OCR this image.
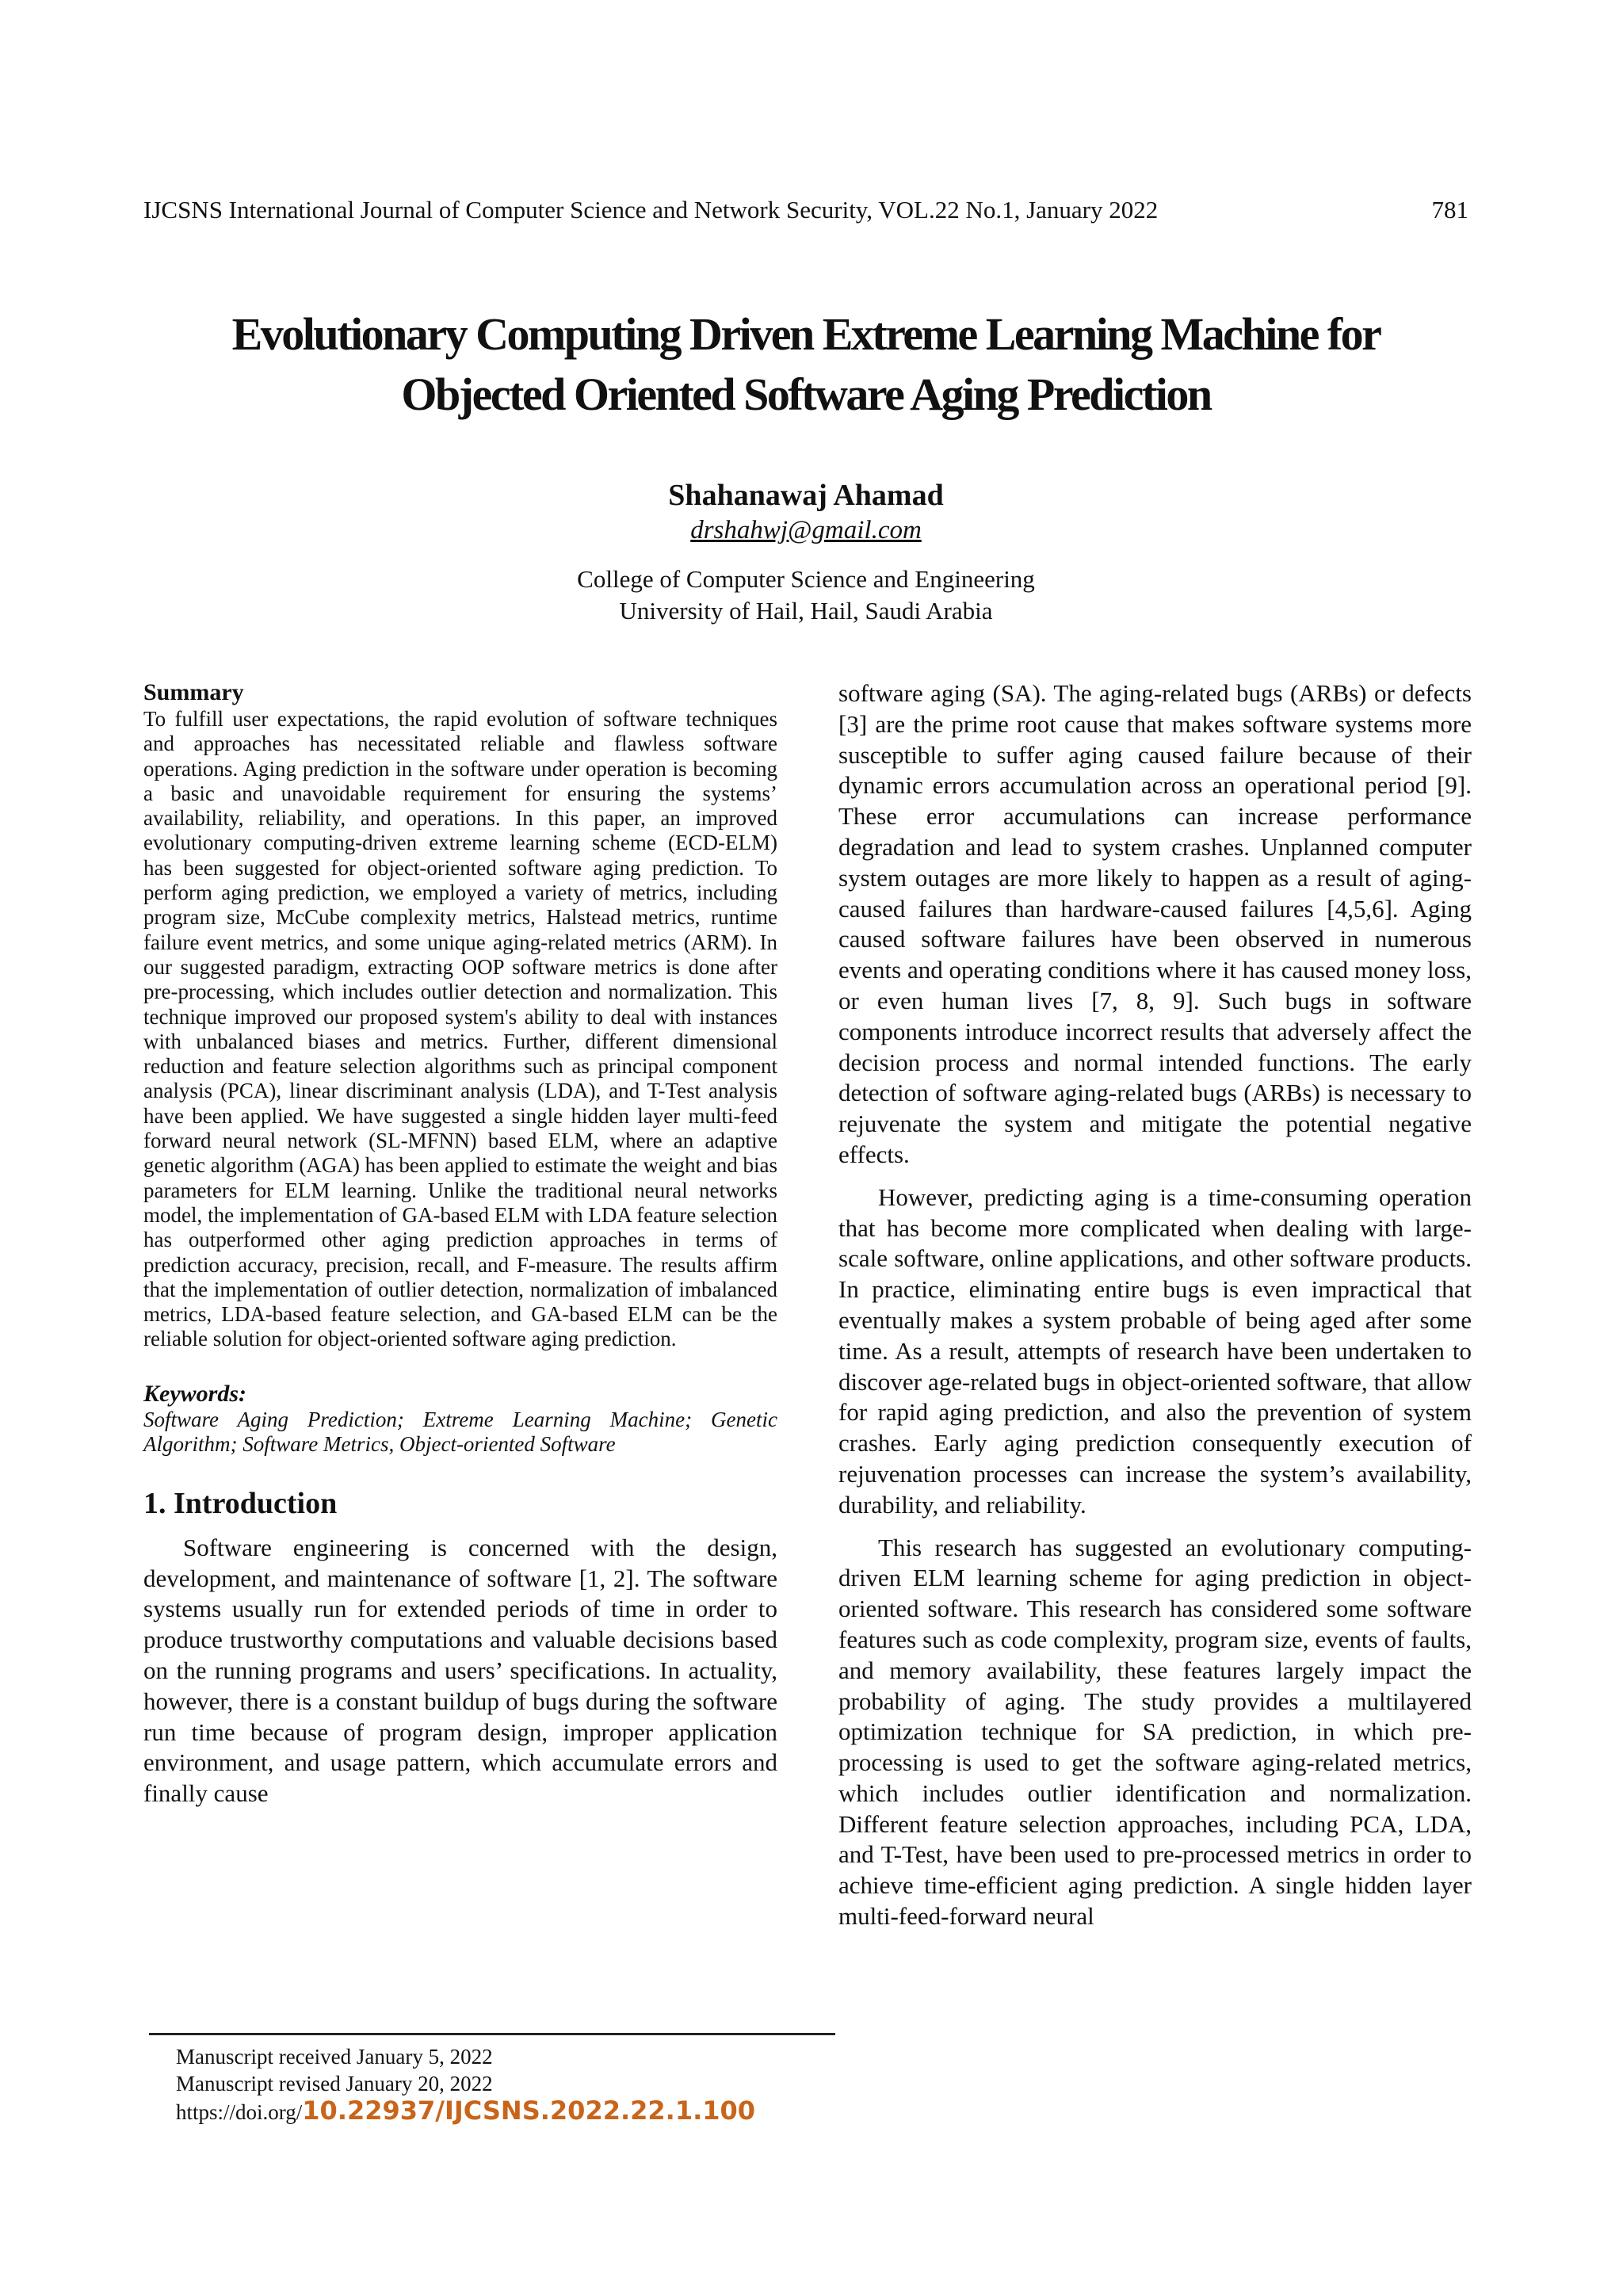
IJCSNS International Journal of Computer Science and Network Security, VOL.22 No.1, January 2022	781
Evolutionary Computing Driven Extreme Learning Machine for
Objected Oriented Software Aging Prediction
Shahanawaj Ahamad
drshahwj@gmail.com
College of Computer Science and Engineering
University of Hail, Hail, Saudi Arabia
Summary

To fulfill user expectations, the rapid evolution of software techniques and approaches has necessitated reliable and flawless software operations. Aging prediction in the software under operation is becoming a basic and unavoidable requirement for ensuring the systems’ availability, reliability, and operations. In this paper, an improved evolutionary computing-driven extreme learning scheme (ECD-ELM) has been suggested for object-oriented software aging prediction. To perform aging prediction, we employed a variety of metrics, including program size, McCube complexity metrics, Halstead metrics, runtime failure event metrics, and some unique aging-related metrics (ARM). In our suggested paradigm, extracting OOP software metrics is done after pre-processing, which includes outlier detection and normalization. This technique improved our proposed system's ability to deal with instances with unbalanced biases and metrics. Further, different dimensional reduction and feature selection algorithms such as principal component analysis (PCA), linear discriminant analysis (LDA), and T-Test analysis have been applied. We have suggested a single hidden layer multi-feed forward neural network (SL-MFNN) based ELM, where an adaptive genetic algorithm (AGA) has been applied to estimate the weight and bias parameters for ELM learning. Unlike the traditional neural networks model, the implementation of GA-based ELM with LDA feature selection has outperformed other aging prediction approaches in terms of prediction accuracy, precision, recall, and F-measure. The results affirm that the implementation of outlier detection, normalization of imbalanced metrics, LDA-based feature selection, and GA-based ELM can be the reliable solution for object-oriented software aging prediction.

Keywords:

Software Aging Prediction; Extreme Learning Machine; Genetic Algorithm; Software Metrics, Object-oriented Software

1. Introduction

Software engineering is concerned with the design, development, and maintenance of software [1, 2]. The software systems usually run for extended periods of time in order to produce trustworthy computations and valuable decisions based on the running programs and users’ specifications. In actuality, however, there is a constant buildup of bugs during the software run time because of program design, improper application environment, and usage pattern, which accumulate errors and finally cause

software aging (SA). The aging-related bugs (ARBs) or defects [3] are the prime root cause that makes software systems more susceptible to suffer aging caused failure because of their dynamic errors accumulation across an operational period [9]. These error accumulations can increase performance degradation and lead to system crashes. Unplanned computer system outages are more likely to happen as a result of aging-caused failures than hardware-caused failures [4,5,6]. Aging caused software failures have been observed in numerous events and operating conditions where it has caused money loss, or even human lives [7, 8, 9]. Such bugs in software components introduce incorrect results that adversely affect the decision process and normal intended functions. The early detection of software aging-related bugs (ARBs) is necessary to rejuvenate the system and mitigate the potential negative effects.

However, predicting aging is a time-consuming operation that has become more complicated when dealing with large-scale software, online applications, and other software products. In practice, eliminating entire bugs is even impractical that eventually makes a system probable of being aged after some time. As a result, attempts of research have been undertaken to discover age-related bugs in object-oriented software, that allow for rapid aging prediction, and also the prevention of system crashes. Early aging prediction consequently execution of rejuvenation processes can increase the system’s availability, durability, and reliability.

This research has suggested an evolutionary computing-driven ELM learning scheme for aging prediction in object-oriented software. This research has considered some software features such as code complexity, program size, events of faults, and memory availability, these features largely impact the probability of aging. The study provides a multilayered optimization technique for SA prediction, in which pre-processing is used to get the software aging-related metrics, which includes outlier identification and normalization. Different feature selection approaches, including PCA, LDA, and T-Test, have been used to pre-processed metrics in order to achieve time-efficient aging prediction. A single hidden layer multi-feed-forward neural

Manuscript received January 5, 2022
Manuscript revised January 20, 2022
https://doi.org/10.22937/IJCSNS.2022.22.1.100
